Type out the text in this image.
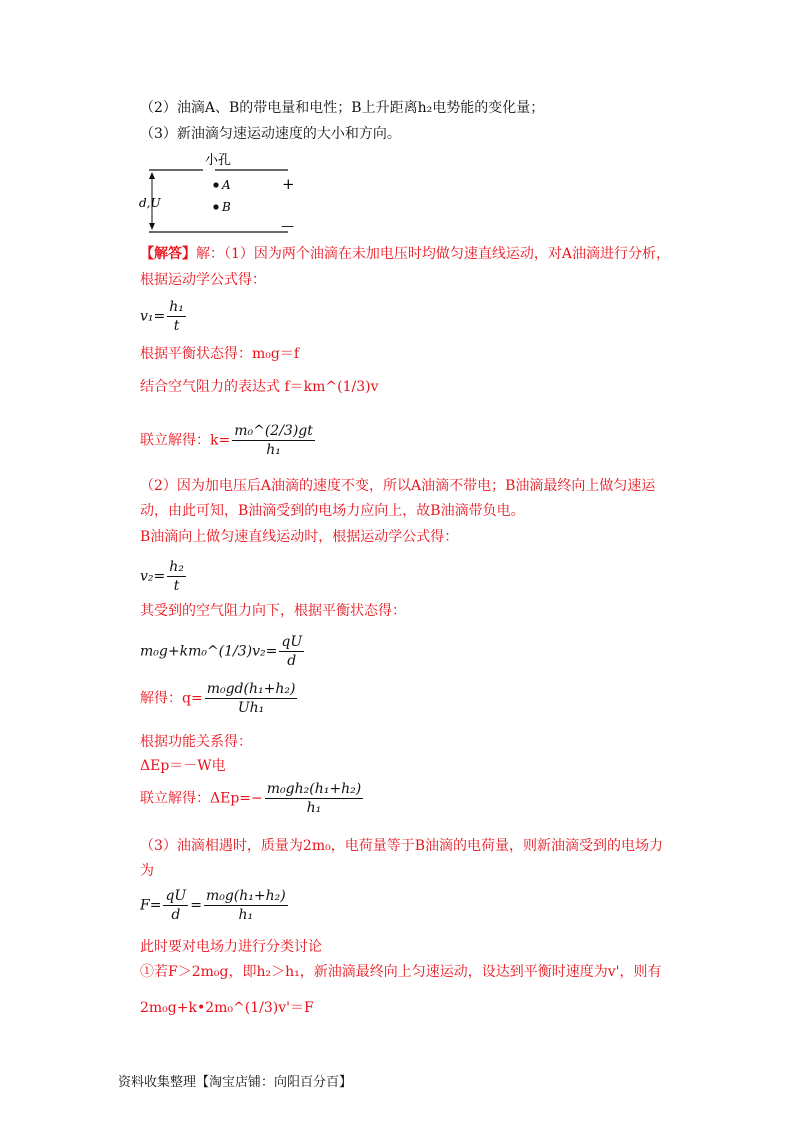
（2）油滴A、B的带电量和电性；B上升距离h₂电势能的变化量；
（3）新油滴匀速运动速度的大小和方向。
小孔
A
B
+
—
d,U
【解答】解：（1）因为两个油滴在未加电压时均做匀速直线运动，对A油滴进行分析，
根据运动学公式得：
$v_1= \frac{\text{h₁}}{t}$
根据平衡状态得：m₀g＝f
结合空气阻力的表达式 f＝km^(1/3)v
联立解得：$k= \frac{\text{m₀\textasciicircum{}(2/3)gt}}{\text{h₁}}$
（2）因为加电压后A油滴的速度不变，所以A油滴不带电；B油滴最终向上做匀速运
动，由此可知，B油滴受到的电场力应向上，故B油滴带负电。
B油滴向上做匀速直线运动时，根据运动学公式得：
$v_2= \frac{\text{h₂}}{t}$
其受到的空气阻力向下，根据平衡状态得：
m₀g+km₀^(1/3)v₂= $\frac{qU}{d}$
解得：$q= \frac{\text{m₀gd(h₁+h₂)}}{\text{Uh₁}}$
根据功能关系得：
ΔEp＝－W电
联立解得：$\Delta Ep=- \frac{\text{m₀gh₂(h₁+h₂)}}{\text{h₁}}$
（3）油滴相遇时，质量为2m₀，电荷量等于B油滴的电荷量，则新油滴受到的电场力
为
$F= \frac{qU}{d} = \frac{\text{m₀g(h₁+h₂)}}{\text{h₁}}$
此时要对电场力进行分类讨论
①若F＞2m₀g，即h₂＞h₁，新油滴最终向上匀速运动，设达到平衡时速度为v'，则有
2m₀g+k•2m₀^(1/3)v'＝F
资料收集整理【淘宝店铺：向阳百分百】
